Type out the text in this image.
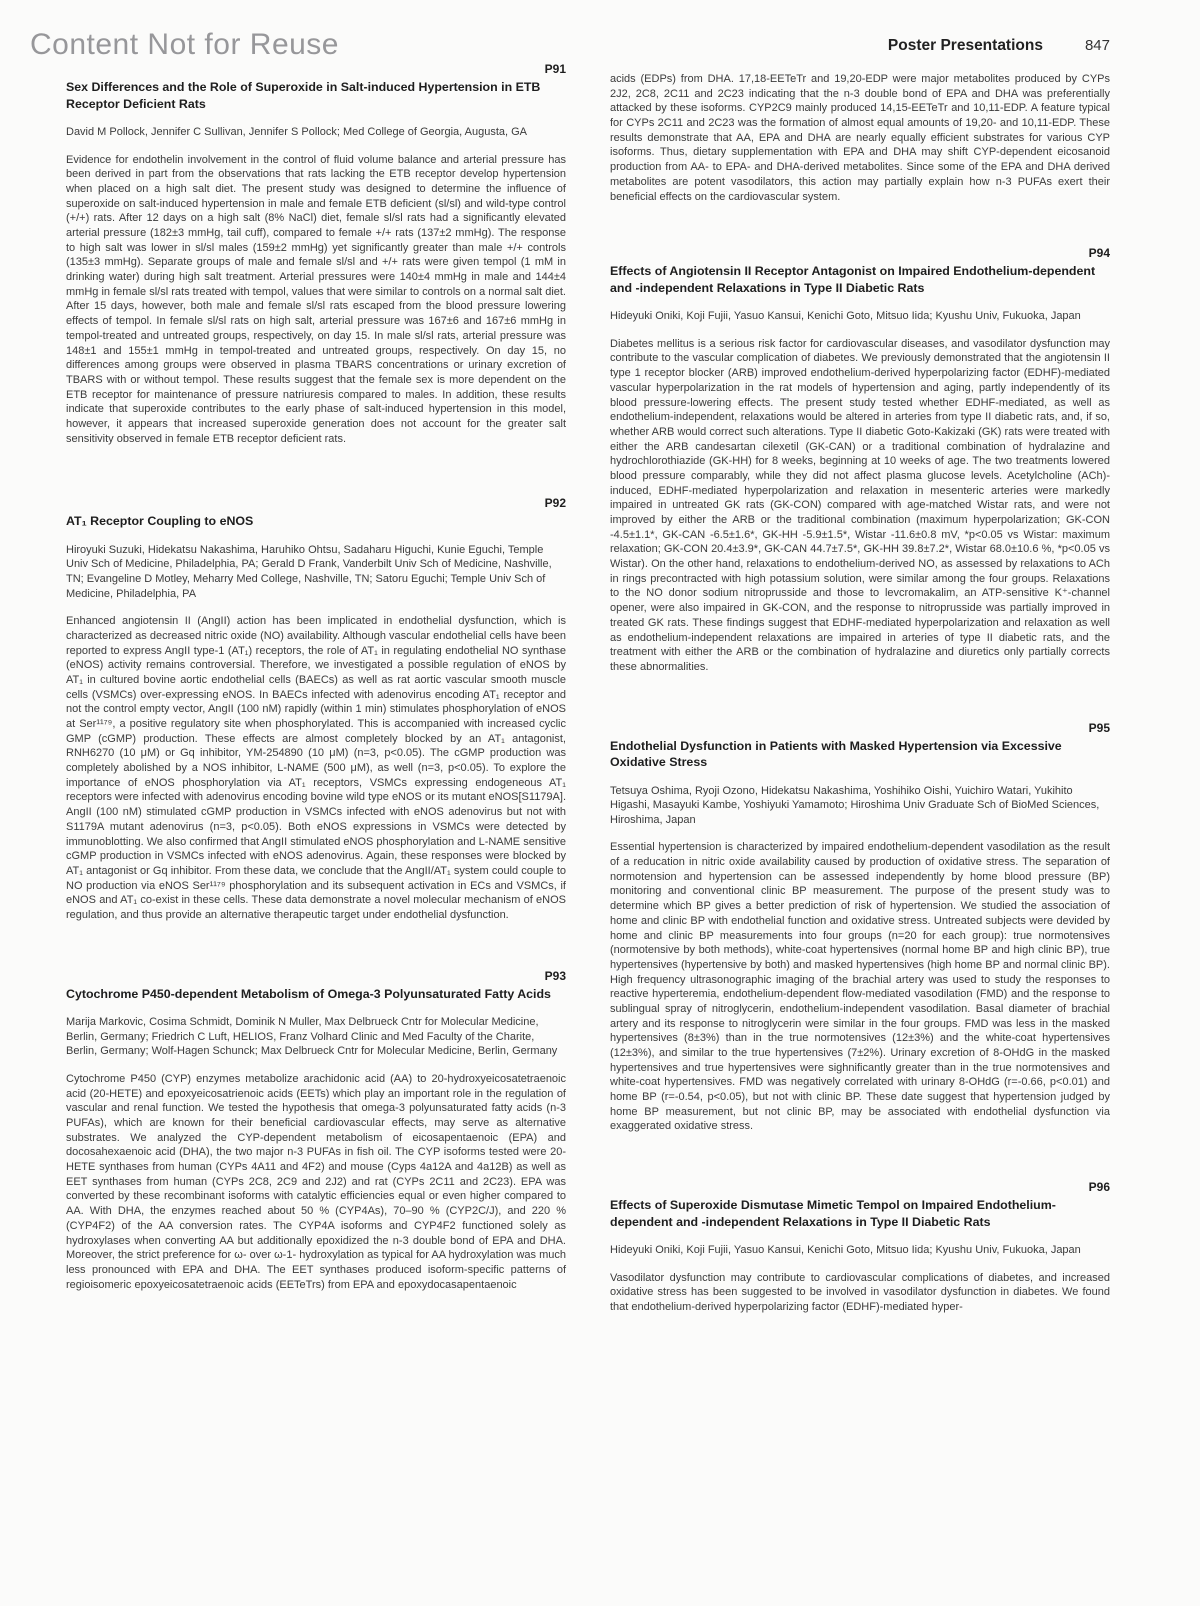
Content Not for Reuse	Poster Presentations	847
P91
Sex Differences and the Role of Superoxide in Salt-induced Hypertension in ETB Receptor Deficient Rats

David M Pollock, Jennifer C Sullivan, Jennifer S Pollock; Med College of Georgia, Augusta, GA

Evidence for endothelin involvement in the control of fluid volume balance and arterial pressure has been derived in part from the observations that rats lacking the ETB receptor develop hypertension when placed on a high salt diet. The present study was designed to determine the influence of superoxide on salt-induced hypertension in male and female ETB deficient (sl/sl) and wild-type control (+/+) rats. After 12 days on a high salt (8% NaCl) diet, female sl/sl rats had a significantly elevated arterial pressure (182±3 mmHg, tail cuff), compared to female +/+ rats (137±2 mmHg). The response to high salt was lower in sl/sl males (159±2 mmHg) yet significantly greater than male +/+ controls (135±3 mmHg). Separate groups of male and female sl/sl and +/+ rats were given tempol (1 mM in drinking water) during high salt treatment. Arterial pressures were 140±4 mmHg in male and 144±4 mmHg in female sl/sl rats treated with tempol, values that were similar to controls on a normal salt diet. After 15 days, however, both male and female sl/sl rats escaped from the blood pressure lowering effects of tempol. In female sl/sl rats on high salt, arterial pressure was 167±6 and 167±6 mmHg in tempol-treated and untreated groups, respectively, on day 15. In male sl/sl rats, arterial pressure was 148±1 and 155±1 mmHg in tempol-treated and untreated groups, respectively. On day 15, no differences among groups were observed in plasma TBARS concentrations or urinary excretion of TBARS with or without tempol. These results suggest that the female sex is more dependent on the ETB receptor for maintenance of pressure natriuresis compared to males. In addition, these results indicate that superoxide contributes to the early phase of salt-induced hypertension in this model, however, it appears that increased superoxide generation does not account for the greater salt sensitivity observed in female ETB receptor deficient rats.

P92
AT₁ Receptor Coupling to eNOS

Hiroyuki Suzuki, Hidekatsu Nakashima, Haruhiko Ohtsu, Sadaharu Higuchi, Kunie Eguchi, Temple Univ Sch of Medicine, Philadelphia, PA; Gerald D Frank, Vanderbilt Univ Sch of Medicine, Nashville, TN; Evangeline D Motley, Meharry Med College, Nashville, TN; Satoru Eguchi; Temple Univ Sch of Medicine, Philadelphia, PA

Enhanced angiotensin II (AngII) action has been implicated in endothelial dysfunction, which is characterized as decreased nitric oxide (NO) availability. Although vascular endothelial cells have been reported to express AngII type-1 (AT₁) receptors, the role of AT₁ in regulating endothelial NO synthase (eNOS) activity remains controversial. Therefore, we investigated a possible regulation of eNOS by AT₁ in cultured bovine aortic endothelial cells (BAECs) as well as rat aortic vascular smooth muscle cells (VSMCs) over-expressing eNOS. In BAECs infected with adenovirus encoding AT₁ receptor and not the control empty vector, AngII (100 nM) rapidly (within 1 min) stimulates phosphorylation of eNOS at Ser¹¹⁷⁹, a positive regulatory site when phosphorylated. This is accompanied with increased cyclic GMP (cGMP) production. These effects are almost completely blocked by an AT₁ antagonist, RNH6270 (10 μM) or Gq inhibitor, YM-254890 (10 μM) (n=3, p<0.05). The cGMP production was completely abolished by a NOS inhibitor, L-NAME (500 μM), as well (n=3, p<0.05). To explore the importance of eNOS phosphorylation via AT₁ receptors, VSMCs expressing endogeneous AT₁ receptors were infected with adenovirus encoding bovine wild type eNOS or its mutant eNOS[S1179A]. AngII (100 nM) stimulated cGMP production in VSMCs infected with eNOS adenovirus but not with S1179A mutant adenovirus (n=3, p<0.05). Both eNOS expressions in VSMCs were detected by immunoblotting. We also confirmed that AngII stimulated eNOS phosphorylation and L-NAME sensitive cGMP production in VSMCs infected with eNOS adenovirus. Again, these responses were blocked by AT₁ antagonist or Gq inhibitor. From these data, we conclude that the AngII/AT₁ system could couple to NO production via eNOS Ser¹¹⁷⁹ phosphorylation and its subsequent activation in ECs and VSMCs, if eNOS and AT₁ co-exist in these cells. These data demonstrate a novel molecular mechanism of eNOS regulation, and thus provide an alternative therapeutic target under endothelial dysfunction.

P93
Cytochrome P450-dependent Metabolism of Omega-3 Polyunsaturated Fatty Acids

Marija Markovic, Cosima Schmidt, Dominik N Muller, Max Delbrueck Cntr for Molecular Medicine, Berlin, Germany; Friedrich C Luft, HELIOS, Franz Volhard Clinic and Med Faculty of the Charite, Berlin, Germany; Wolf-Hagen Schunck; Max Delbrueck Cntr for Molecular Medicine, Berlin, Germany

Cytochrome P450 (CYP) enzymes metabolize arachidonic acid (AA) to 20-hydroxyeicosatetraenoic acid (20-HETE) and epoxyeicosatrienoic acids (EETs) which play an important role in the regulation of vascular and renal function. We tested the hypothesis that omega-3 polyunsaturated fatty acids (n-3 PUFAs), which are known for their beneficial cardiovascular effects, may serve as alternative substrates. We analyzed the CYP-dependent metabolism of eicosapentaenoic (EPA) and docosahexaenoic acid (DHA), the two major n-3 PUFAs in fish oil. The CYP isoforms tested were 20-HETE synthases from human (CYPs 4A11 and 4F2) and mouse (Cyps 4a12A and 4a12B) as well as EET synthases from human (CYPs 2C8, 2C9 and 2J2) and rat (CYPs 2C11 and 2C23). EPA was converted by these recombinant isoforms with catalytic efficiencies equal or even higher compared to AA. With DHA, the enzymes reached about 50 % (CYP4As), 70–90 % (CYP2C/J), and 220 % (CYP4F2) of the AA conversion rates. The CYP4A isoforms and CYP4F2 functioned solely as hydroxylases when converting AA but additionally epoxidized the n-3 double bond of EPA and DHA. Moreover, the strict preference for ω- over ω-1- hydroxylation as typical for AA hydroxylation was much less pronounced with EPA and DHA. The EET synthases produced isoform-specific patterns of regioisomeric epoxyeicosatetraenoic acids (EETeTrs) from EPA and epoxydocasapentaenoic

acids (EDPs) from DHA. 17,18-EETeTr and 19,20-EDP were major metabolites produced by CYPs 2J2, 2C8, 2C11 and 2C23 indicating that the n-3 double bond of EPA and DHA was preferentially attacked by these isoforms. CYP2C9 mainly produced 14,15-EETeTr and 10,11-EDP. A feature typical for CYPs 2C11 and 2C23 was the formation of almost equal amounts of 19,20- and 10,11-EDP. These results demonstrate that AA, EPA and DHA are nearly equally efficient substrates for various CYP isoforms. Thus, dietary supplementation with EPA and DHA may shift CYP-dependent eicosanoid production from AA- to EPA- and DHA-derived metabolites. Since some of the EPA and DHA derived metabolites are potent vasodilators, this action may partially explain how n-3 PUFAs exert their beneficial effects on the cardiovascular system.

P94
Effects of Angiotensin II Receptor Antagonist on Impaired Endothelium-dependent and -independent Relaxations in Type II Diabetic Rats

Hideyuki Oniki, Koji Fujii, Yasuo Kansui, Kenichi Goto, Mitsuo Iida; Kyushu Univ, Fukuoka, Japan

Diabetes mellitus is a serious risk factor for cardiovascular diseases, and vasodilator dysfunction may contribute to the vascular complication of diabetes. We previously demonstrated that the angiotensin II type 1 receptor blocker (ARB) improved endothelium-derived hyperpolarizing factor (EDHF)-mediated vascular hyperpolarization in the rat models of hypertension and aging, partly independently of its blood pressure-lowering effects. The present study tested whether EDHF-mediated, as well as endothelium-independent, relaxations would be altered in arteries from type II diabetic rats, and, if so, whether ARB would correct such alterations. Type II diabetic Goto-Kakizaki (GK) rats were treated with either the ARB candesartan cilexetil (GK-CAN) or a traditional combination of hydralazine and hydrochlorothiazide (GK-HH) for 8 weeks, beginning at 10 weeks of age. The two treatments lowered blood pressure comparably, while they did not affect plasma glucose levels. Acetylcholine (ACh)-induced, EDHF-mediated hyperpolarization and relaxation in mesenteric arteries were markedly impaired in untreated GK rats (GK-CON) compared with age-matched Wistar rats, and were not improved by either the ARB or the traditional combination (maximum hyperpolarization; GK-CON -4.5±1.1*, GK-CAN -6.5±1.6*, GK-HH -5.9±1.5*, Wistar -11.6±0.8 mV, *p<0.05 vs Wistar: maximum relaxation; GK-CON 20.4±3.9*, GK-CAN 44.7±7.5*, GK-HH 39.8±7.2*, Wistar 68.0±10.6 %, *p<0.05 vs Wistar). On the other hand, relaxations to endothelium-derived NO, as assessed by relaxations to ACh in rings precontracted with high potassium solution, were similar among the four groups. Relaxations to the NO donor sodium nitroprusside and those to levcromakalim, an ATP-sensitive K⁺-channel opener, were also impaired in GK-CON, and the response to nitroprusside was partially improved in treated GK rats. These findings suggest that EDHF-mediated hyperpolarization and relaxation as well as endothelium-independent relaxations are impaired in arteries of type II diabetic rats, and the treatment with either the ARB or the combination of hydralazine and diuretics only partially corrects these abnormalities.

P95
Endothelial Dysfunction in Patients with Masked Hypertension via Excessive Oxidative Stress

Tetsuya Oshima, Ryoji Ozono, Hidekatsu Nakashima, Yoshihiko Oishi, Yuichiro Watari, Yukihito Higashi, Masayuki Kambe, Yoshiyuki Yamamoto; Hiroshima Univ Graduate Sch of BioMed Sciences, Hiroshima, Japan

Essential hypertension is characterized by impaired endothelium-dependent vasodilation as the result of a reducation in nitric oxide availability caused by production of oxidative stress. The separation of normotension and hypertension can be assessed independently by home blood pressure (BP) monitoring and conventional clinic BP measurement. The purpose of the present study was to determine which BP gives a better prediction of risk of hypertension. We studied the association of home and clinic BP with endothelial function and oxidative stress. Untreated subjects were devided by home and clinic BP measurements into four groups (n=20 for each group): true normotensives (normotensive by both methods), white-coat hypertensives (normal home BP and high clinic BP), true hypertensives (hypertensive by both) and masked hypertensives (high home BP and normal clinic BP). High frequency ultrasonographic imaging of the brachial artery was used to study the responses to reactive hyperteremia, endothelium-dependent flow-mediated vasodilation (FMD) and the response to sublingual spray of nitroglycerin, endothelium-independent vasodilation. Basal diameter of brachial artery and its response to nitroglycerin were similar in the four groups. FMD was less in the masked hypertensives (8±3%) than in the true normotensives (12±3%) and the white-coat hypertensives (12±3%), and similar to the true hypertensives (7±2%). Urinary excretion of 8-OHdG in the masked hypertensives and true hypertensives were sighnificantly greater than in the true normotensives and white-coat hypertensives. FMD was negatively correlated with urinary 8-OHdG (r=-0.66, p<0.01) and home BP (r=-0.54, p<0.05), but not with clinic BP. These date suggest that hypertension judged by home BP measurement, but not clinic BP, may be associated with endothelial dysfunction via exaggerated oxidative stress.

P96
Effects of Superoxide Dismutase Mimetic Tempol on Impaired Endothelium-dependent and -independent Relaxations in Type II Diabetic Rats

Hideyuki Oniki, Koji Fujii, Yasuo Kansui, Kenichi Goto, Mitsuo Iida; Kyushu Univ, Fukuoka, Japan

Vasodilator dysfunction may contribute to cardiovascular complications of diabetes, and increased oxidative stress has been suggested to be involved in vasodilator dysfunction in diabetes. We found that endothelium-derived hyperpolarizing factor (EDHF)-mediated hyper-
